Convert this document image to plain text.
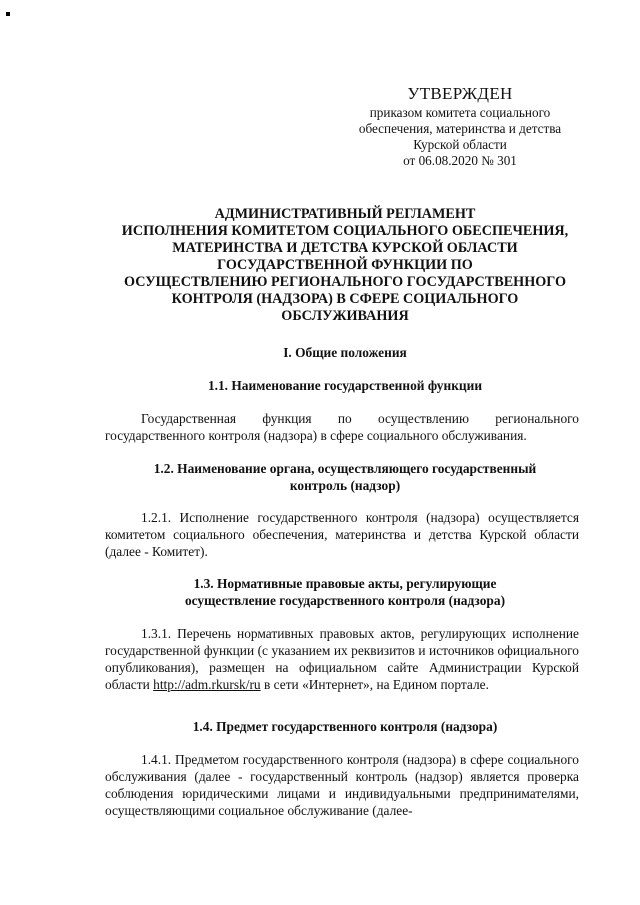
УТВЕРЖДЕН
приказом комитета социального
обеспечения, материнства и детства
Курской области
от 06.08.2020 № 301
АДМИНИСТРАТИВНЫЙ РЕГЛАМЕНТ
ИСПОЛНЕНИЯ КОМИТЕТОМ СОЦИАЛЬНОГО ОБЕСПЕЧЕНИЯ,
МАТЕРИНСТВА И ДЕТСТВА КУРСКОЙ ОБЛАСТИ
ГОСУДАРСТВЕННОЙ ФУНКЦИИ ПО
ОСУЩЕСТВЛЕНИЮ РЕГИОНАЛЬНОГО ГОСУДАРСТВЕННОГО
КОНТРОЛЯ (НАДЗОРА) В СФЕРЕ СОЦИАЛЬНОГО
ОБСЛУЖИВАНИЯ
I. Общие положения
1.1. Наименование государственной функции
Государственная функция по осуществлению регионального государственного контроля (надзора) в сфере социального обслуживания.
1.2. Наименование органа, осуществляющего государственный
контроль (надзор)
1.2.1. Исполнение государственного контроля (надзора) осуществляется комитетом социального обеспечения, материнства и детства Курской области (далее - Комитет).
1.3. Нормативные правовые акты, регулирующие
осуществление государственного контроля (надзора)
1.3.1. Перечень нормативных правовых актов, регулирующих исполнение государственной функции (с указанием их реквизитов и источников официального опубликования), размещен на официальном сайте Администрации Курской области http://adm.rkursk/ru в сети «Интернет», на Едином портале.
1.4. Предмет государственного контроля (надзора)
1.4.1. Предметом государственного контроля (надзора) в сфере социального обслуживания (далее - государственный контроль (надзор) является проверка соблюдения юридическими лицами и индивидуальными предпринимателями, осуществляющими социальное обслуживание (далее-
